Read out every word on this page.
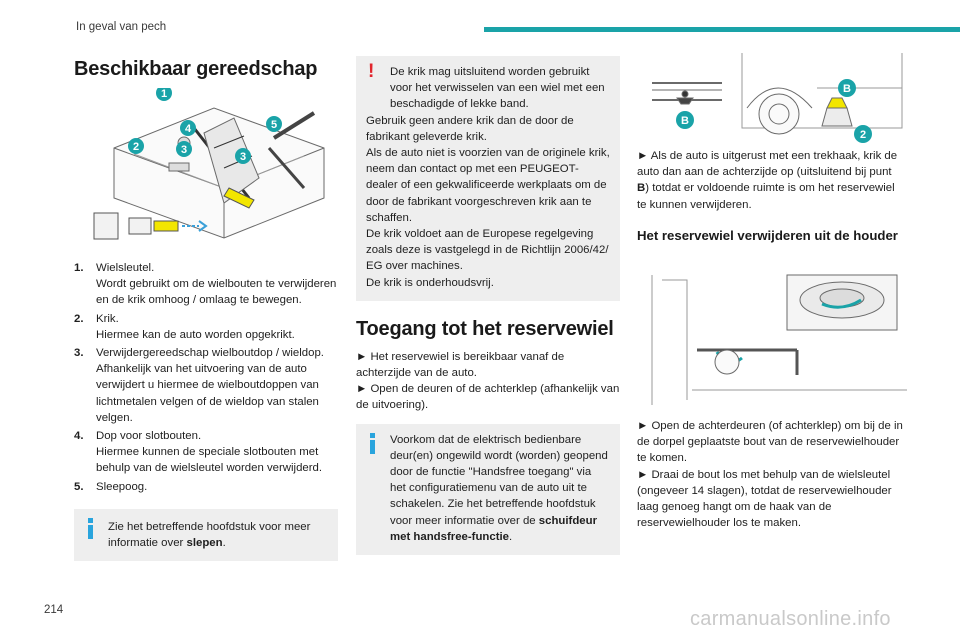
In geval van pech
Beschikbaar gereedschap
1
4	5
2	3
3
1. Wielsleutel.
Wordt gebruikt om de wielbouten te verwijderen en de krik omhoog / omlaag te bewegen.
2. Krik.
Hiermee kan de auto worden opgekrikt.
3. Verwijdergereedschap wielboutdop / wieldop.
Afhankelijk van het uitvoering van de auto verwijdert u hiermee de wielboutdoppen van lichtmetalen velgen of de wieldop van stalen velgen.
4. Dop voor slotbouten.
Hiermee kunnen de speciale slotbouten met behulp van de wielsleutel worden verwijderd.
5. Sleepoog.
Zie het betreffende hoofdstuk voor meer informatie over slepen.
!	De krik mag uitsluitend worden gebruikt voor het verwisselen van een wiel met een beschadigde of lekke band.
Gebruik geen andere krik dan de door de fabrikant geleverde krik.
Als de auto niet is voorzien van de originele krik, neem dan contact op met een PEUGEOT-dealer of een gekwalificeerde werkplaats om de door de fabrikant voorgeschreven krik aan te schaffen.
De krik voldoet aan de Europese regelgeving zoals deze is vastgelegd in de Richtlijn 2006/42/ EG over machines.
De krik is onderhoudsvrij.
Toegang tot het reservewiel
► Het reservewiel is bereikbaar vanaf de achterzijde van de auto.
► Open de deuren of de achterklep (afhankelijk van de uitvoering).
Voorkom dat de elektrisch bedienbare deur(en) ongewild wordt (worden) geopend door de functie "Handsfree toegang" via het configuratiemenu van de auto uit te schakelen. Zie het betreffende hoofdstuk voor meer informatie over de schuifdeur met handsfree-functie.
B
B
2
► Als de auto is uitgerust met een trekhaak, krik de auto dan aan de achterzijde op (uitsluitend bij punt B) totdat er voldoende ruimte is om het reservewiel te kunnen verwijderen.
Het reservewiel verwijderen uit de houder
► Open de achterdeuren (of achterklep) om bij de in de dorpel geplaatste bout van de reservewielhouder te komen.
► Draai de bout los met behulp van de wielsleutel (ongeveer 14 slagen), totdat de reservewielhouder laag genoeg hangt om de haak van de reservewielhouder los te maken.
214	carmanualsonline.info
